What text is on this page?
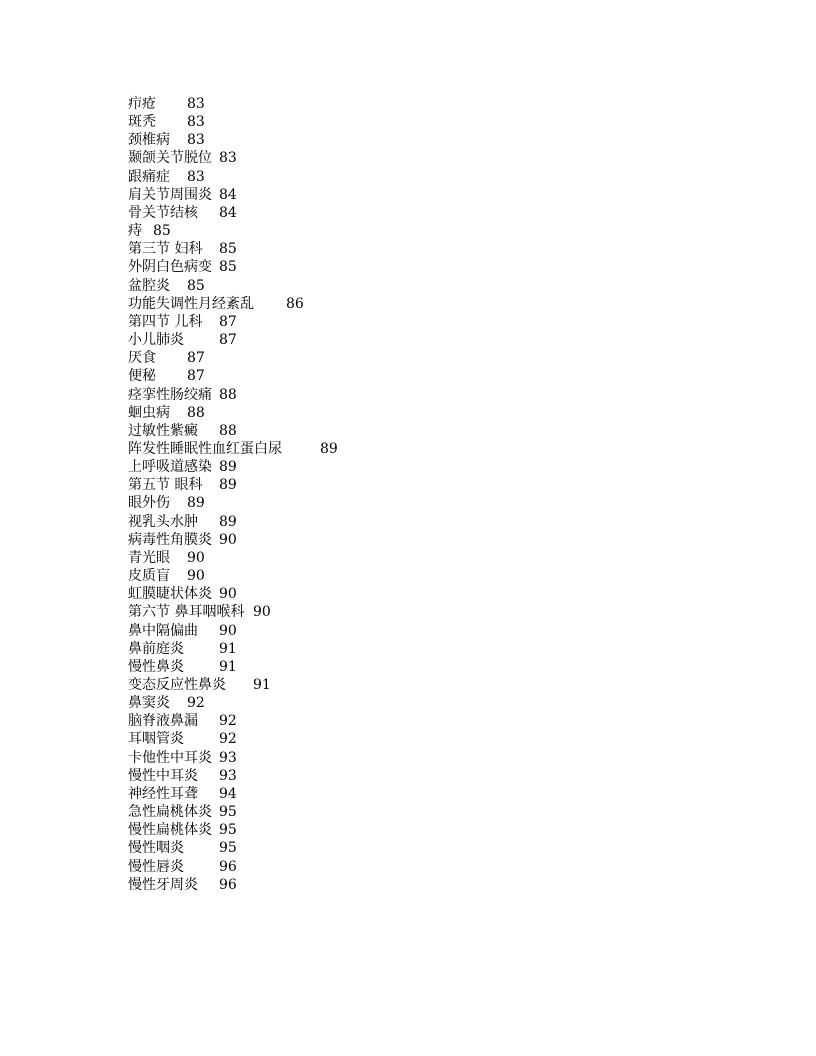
疖疮 83
斑秃 83
颈椎病 83
颞颌关节脱位 83
跟痛症 83
肩关节周围炎 84
骨关节结核 84
痔 85
第三节 妇科 85
外阴白色病变 85
盆腔炎 85
功能失调性月经紊乱 86
第四节 儿科 87
小儿肺炎	87
厌食 87
便秘 87
痉挛性肠绞痛 88
蛔虫病 88
过敏性紫癜 88
阵发性睡眠性血红蛋白尿	89
上呼吸道感染 89
第五节 眼科 89
眼外伤 89
视乳头水肿 89
病毒性角膜炎 90
青光眼 90
皮质盲 90
虹膜睫状体炎 90
第六节 鼻耳咽喉科 90
鼻中隔偏曲 90
鼻前庭炎	91
慢性鼻炎	91
变态反应性鼻炎 91
鼻窦炎 92
脑脊液鼻漏 92
耳咽管炎	92
卡他性中耳炎 93
慢性中耳炎 93
神经性耳聋 94
急性扁桃体炎 95
慢性扁桃体炎 95
慢性咽炎	95
慢性唇炎	96
慢性牙周炎 96
